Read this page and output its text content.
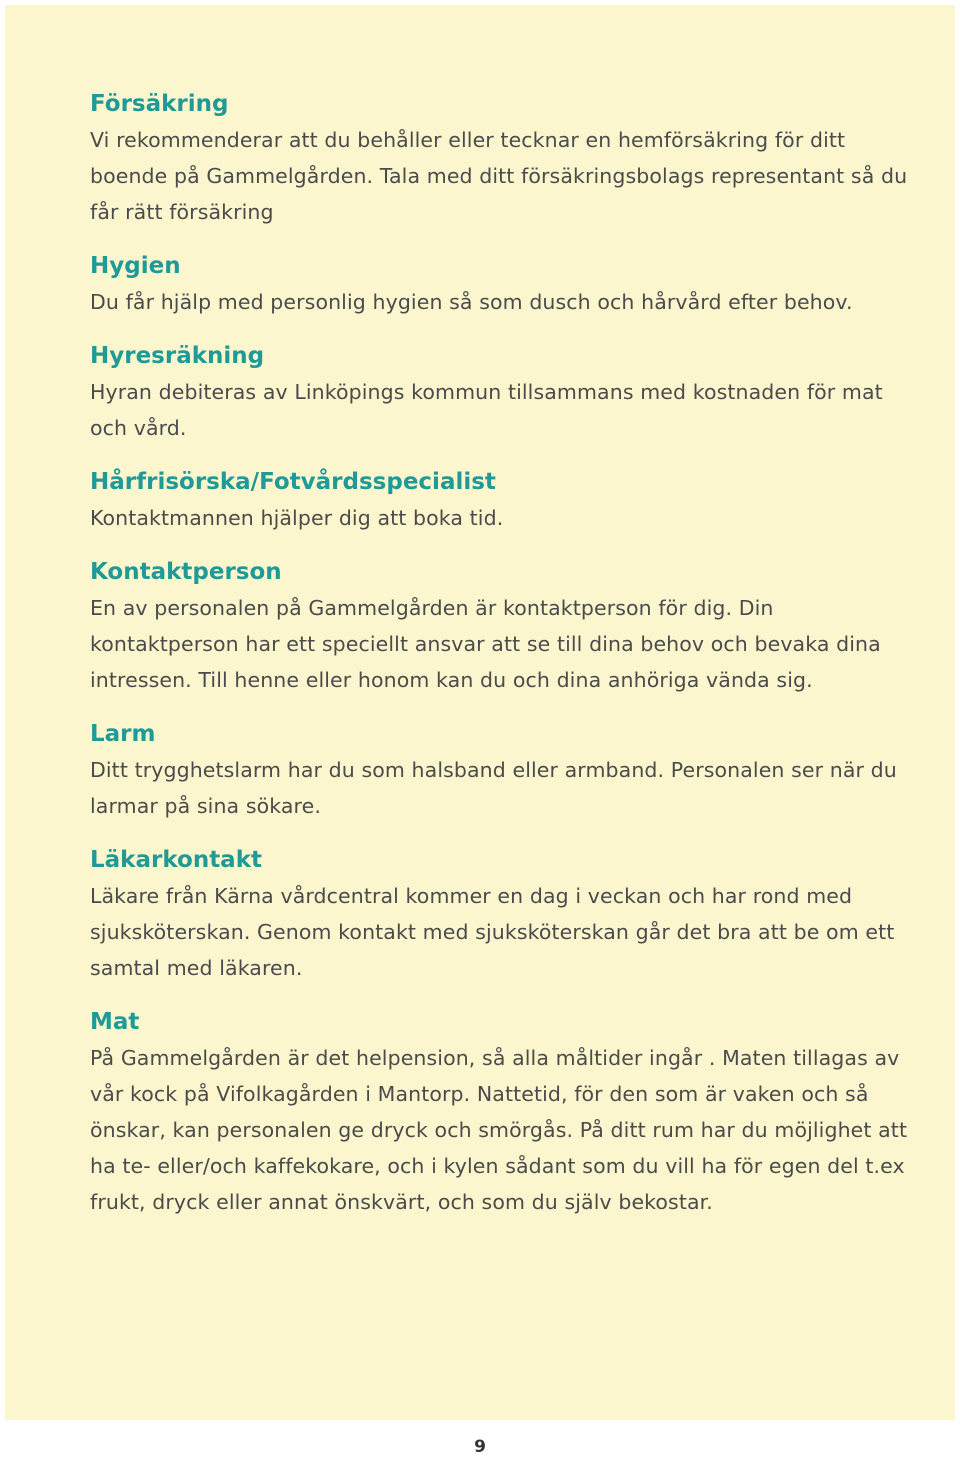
Försäkring
Vi rekommenderar att du behåller eller tecknar en hemförsäkring för ditt boende på Gammelgården. Tala med ditt försäkringsbolags representant så du får rätt försäkring
Hygien
Du får hjälp med personlig hygien så som dusch och hårvård efter behov.
Hyresräkning
Hyran debiteras av Linköpings kommun tillsammans med kostnaden för mat och vård.
Hårfrisörska/Fotvårdsspecialist
Kontaktmannen hjälper dig att boka tid.
Kontaktperson
En av personalen på Gammelgården är kontaktperson för dig. Din kontaktperson har ett speciellt ansvar att se till dina behov och bevaka dina intressen. Till henne eller honom kan du och dina anhöriga vända sig.
Larm
Ditt trygghetslarm har du som halsband eller armband. Personalen ser när du larmar på sina sökare.
Läkarkontakt
Läkare från Kärna vårdcentral kommer en dag i veckan och har rond med sjuksköterskan. Genom kontakt med sjuksköterskan går det bra att be om ett samtal med läkaren.
Mat
På Gammelgården är det helpension, så alla måltider ingår . Maten tillagas av vår kock på Vifolkagården i Mantorp. Nattetid, för den som är vaken och så önskar, kan personalen ge dryck och smörgås. På ditt rum har du möjlighet att ha te- eller/och kaffekokare, och i kylen sådant som du vill ha för egen del t.ex frukt, dryck eller annat önskvärt, och som du själv bekostar.
9
